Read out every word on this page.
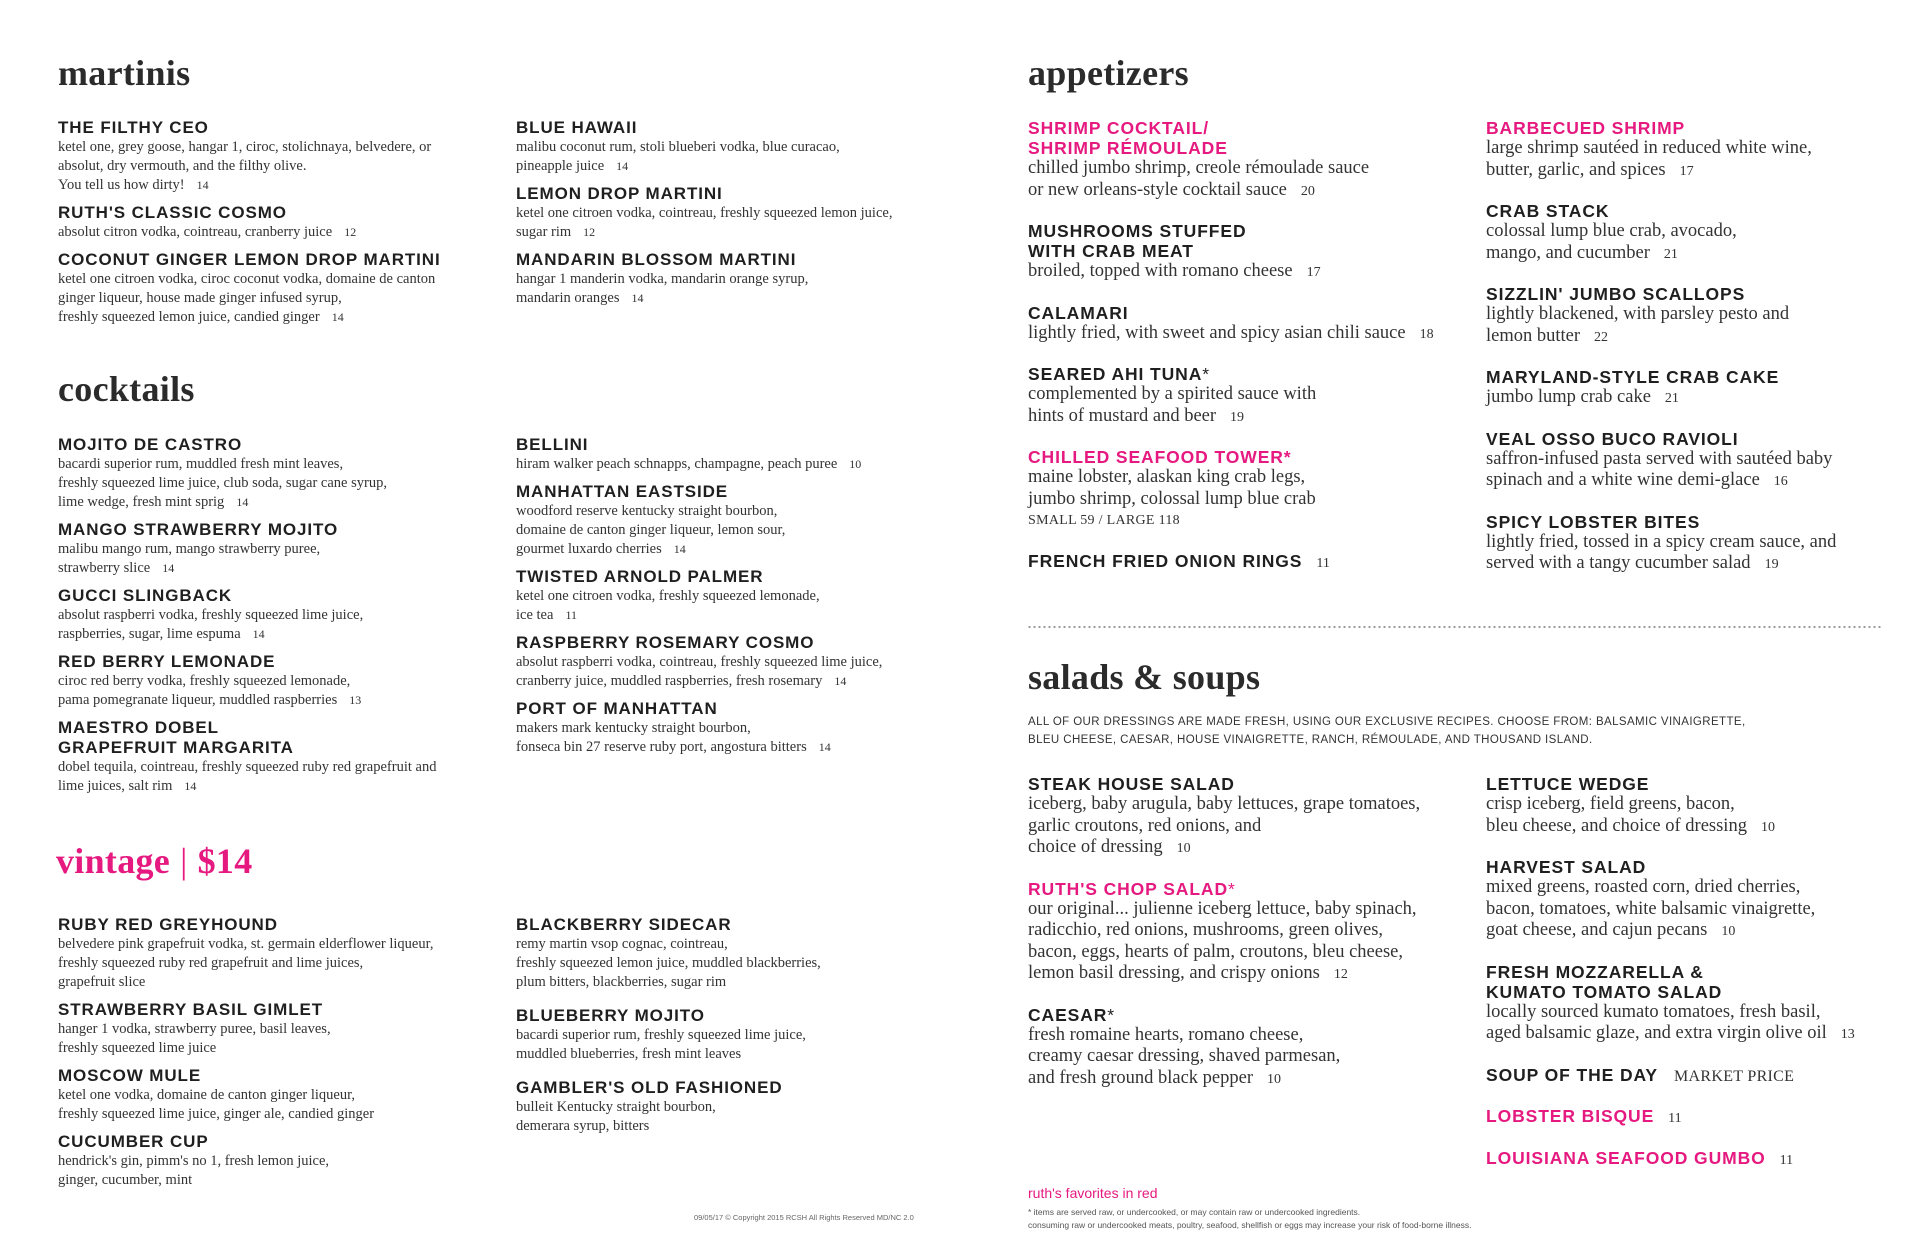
martinis
THE FILTHY CEO
ketel one, grey goose, hangar 1, ciroc, stolichnaya, belvedere, or
absolut, dry vermouth, and the filthy olive.
You tell us how dirty! 14
RUTH'S CLASSIC COSMO
absolut citron vodka, cointreau, cranberry juice 12
COCONUT GINGER LEMON DROP MARTINI
ketel one citroen vodka, ciroc coconut vodka, domaine de canton
ginger liqueur, house made ginger infused syrup,
freshly squeezed lemon juice, candied ginger 14
BLUE HAWAII
malibu coconut rum, stoli blueberi vodka, blue curacao,
pineapple juice 14
LEMON DROP MARTINI
ketel one citroen vodka, cointreau, freshly squeezed lemon juice,
sugar rim 12
MANDARIN BLOSSOM MARTINI
hangar 1 manderin vodka, mandarin orange syrup,
mandarin oranges 14
cocktails
MOJITO DE CASTRO
bacardi superior rum, muddled fresh mint leaves,
freshly squeezed lime juice, club soda, sugar cane syrup,
lime wedge, fresh mint sprig 14
MANGO STRAWBERRY MOJITO
malibu mango rum, mango strawberry puree,
strawberry slice 14
GUCCI SLINGBACK
absolut raspberri vodka, freshly squeezed lime juice,
raspberries, sugar, lime espuma 14
RED BERRY LEMONADE
ciroc red berry vodka, freshly squeezed lemonade,
pama pomegranate liqueur, muddled raspberries 13
MAESTRO DOBEL
GRAPEFRUIT MARGARITA
dobel tequila, cointreau, freshly squeezed ruby red grapefruit and
lime juices, salt rim 14
BELLINI
hiram walker peach schnapps, champagne, peach puree 10
MANHATTAN EASTSIDE
woodford reserve kentucky straight bourbon,
domaine de canton ginger liqueur, lemon sour,
gourmet luxardo cherries 14
TWISTED ARNOLD PALMER
ketel one citroen vodka, freshly squeezed lemonade,
ice tea 11
RASPBERRY ROSEMARY COSMO
absolut raspberri vodka, cointreau, freshly squeezed lime juice,
cranberry juice, muddled raspberries, fresh rosemary 14
PORT OF MANHATTAN
makers mark kentucky straight bourbon,
fonseca bin 27 reserve ruby port, angostura bitters 14
vintage | $14
RUBY RED GREYHOUND
belvedere pink grapefruit vodka, st. germain elderflower liqueur,
freshly squeezed ruby red grapefruit and lime juices,
grapefruit slice
STRAWBERRY BASIL GIMLET
hanger 1 vodka, strawberry puree, basil leaves,
freshly squeezed lime juice
MOSCOW MULE
ketel one vodka, domaine de canton ginger liqueur,
freshly squeezed lime juice, ginger ale, candied ginger
CUCUMBER CUP
hendrick's gin, pimm's no 1, fresh lemon juice,
ginger, cucumber, mint
BLACKBERRY SIDECAR
remy martin vsop cognac, cointreau,
freshly squeezed lemon juice, muddled blackberries,
plum bitters, blackberries, sugar rim
BLUEBERRY MOJITO
bacardi superior rum, freshly squeezed lime juice,
muddled blueberries, fresh mint leaves
GAMBLER'S OLD FASHIONED
bulleit Kentucky straight bourbon,
demerara syrup, bitters
09/05/17 © Copyright 2015 RCSH All Rights Reserved MD/NC 2.0
appetizers
SHRIMP COCKTAIL/
SHRIMP RÉMOULADE
chilled jumbo shrimp, creole rémoulade sauce
or new orleans-style cocktail sauce 20
MUSHROOMS STUFFED
WITH CRAB MEAT
broiled, topped with romano cheese 17
CALAMARI
lightly fried, with sweet and spicy asian chili sauce 18
SEARED AHI TUNA*
complemented by a spirited sauce with
hints of mustard and beer 19
CHILLED SEAFOOD TOWER*
maine lobster, alaskan king crab legs,
jumbo shrimp, colossal lump blue crab
SMALL 59 / LARGE 118
FRENCH FRIED ONION RINGS 11
BARBECUED SHRIMP
large shrimp sautéed in reduced white wine,
butter, garlic, and spices 17
CRAB STACK
colossal lump blue crab, avocado,
mango, and cucumber 21
SIZZLIN' JUMBO SCALLOPS
lightly blackened, with parsley pesto and
lemon butter 22
MARYLAND-STYLE CRAB CAKE
jumbo lump crab cake 21
VEAL OSSO BUCO RAVIOLI
saffron-infused pasta served with sautéed baby
spinach and a white wine demi-glace 16
SPICY LOBSTER BITES
lightly fried, tossed in a spicy cream sauce, and
served with a tangy cucumber salad 19
salads & soups
ALL OF OUR DRESSINGS ARE MADE FRESH, USING OUR EXCLUSIVE RECIPES. CHOOSE FROM: BALSAMIC VINAIGRETTE,
BLEU CHEESE, CAESAR, HOUSE VINAIGRETTE, RANCH, RÉMOULADE, AND THOUSAND ISLAND.
STEAK HOUSE SALAD
iceberg, baby arugula, baby lettuces, grape tomatoes,
garlic croutons, red onions, and
choice of dressing 10
RUTH'S CHOP SALAD*
our original... julienne iceberg lettuce, baby spinach,
radicchio, red onions, mushrooms, green olives,
bacon, eggs, hearts of palm, croutons, bleu cheese,
lemon basil dressing, and crispy onions 12
CAESAR*
fresh romaine hearts, romano cheese,
creamy caesar dressing, shaved parmesan,
and fresh ground black pepper 10
LETTUCE WEDGE
crisp iceberg, field greens, bacon,
bleu cheese, and choice of dressing 10
HARVEST SALAD
mixed greens, roasted corn, dried cherries,
bacon, tomatoes, white balsamic vinaigrette,
goat cheese, and cajun pecans 10
FRESH MOZZARELLA &
KUMATO TOMATO SALAD
locally sourced kumato tomatoes, fresh basil,
aged balsamic glaze, and extra virgin olive oil 13
SOUP OF THE DAY MARKET PRICE
LOBSTER BISQUE 11
LOUISIANA SEAFOOD GUMBO 11
ruth's favorites in red
* items are served raw, or undercooked, or may contain raw or undercooked ingredients.
consuming raw or undercooked meats, poultry, seafood, shellfish or eggs may increase your risk of food-borne illness.
